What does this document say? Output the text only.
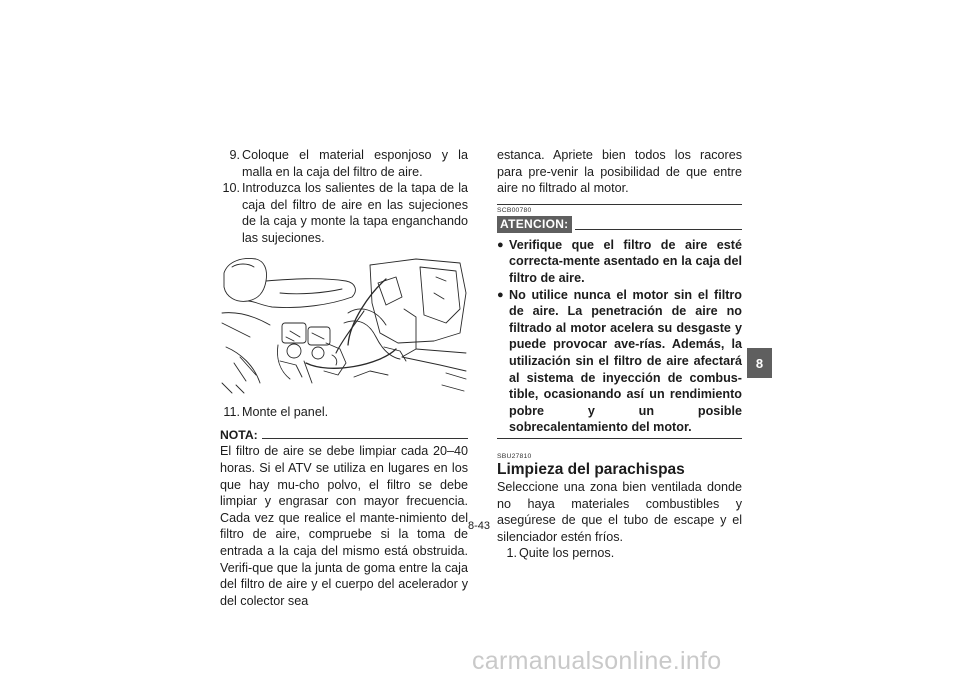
9. Coloque el material esponjoso y la malla en la caja del filtro de aire.
10. Introduzca los salientes de la tapa de la caja del filtro de aire en las sujeciones de la caja y monte la tapa enganchando las sujeciones.
11. Monte el panel.
NOTA:
El filtro de aire se debe limpiar cada 20–40 horas. Si el ATV se utiliza en lugares en los que hay mu-cho polvo, el filtro se debe limpiar y engrasar con mayor frecuencia. Cada vez que realice el mante-nimiento del filtro de aire, compruebe si la toma de entrada a la caja del mismo está obstruida. Verifi-que que la junta de goma entre la caja del filtro de aire y el cuerpo del acelerador y del colector sea
estanca. Apriete bien todos los racores para pre-venir la posibilidad de que entre aire no filtrado al motor.
SCB00780
ATENCION:
● Verifique que el filtro de aire esté correcta-mente asentado en la caja del filtro de aire.
● No utilice nunca el motor sin el filtro de aire. La penetración de aire no filtrado al motor acelera su desgaste y puede provocar ave-rías. Además, la utilización sin el filtro de aire afectará al sistema de inyección de combus-tible, ocasionando así un rendimiento pobre y un posible sobrecalentamiento del motor.
SBU27810
Limpieza del parachispas
Seleccione una zona bien ventilada donde no haya materiales combustibles y asegúrese de que el tubo de escape y el silenciador estén fríos.
1. Quite los pernos.
8-43
8
carmanualsonline.info
